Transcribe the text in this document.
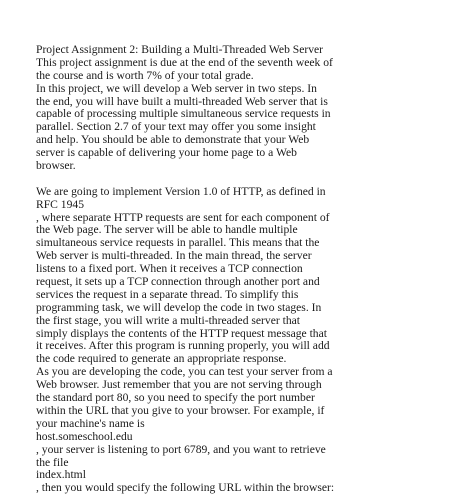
Project Assignment 2: Building a Multi-Threaded Web Server
This project assignment is due at the end of the seventh week of
the course and is worth 7% of your total grade.
In this project, we will develop a Web server in two steps. In
the end, you will have built a multi-threaded Web server that is
capable of processing multiple simultaneous service requests in
parallel. Section 2.7 of your text may offer you some insight
and help. You should be able to demonstrate that your Web
server is capable of delivering your home page to a Web
browser.
We are going to implement Version 1.0 of HTTP, as defined in
RFC 1945
, where separate HTTP requests are sent for each component of
the Web page. The server will be able to handle multiple
simultaneous service requests in parallel. This means that the
Web server is multi-threaded. In the main thread, the server
listens to a fixed port. When it receives a TCP connection
request, it sets up a TCP connection through another port and
services the request in a separate thread. To simplify this
programming task, we will develop the code in two stages. In
the first stage, you will write a multi-threaded server that
simply displays the contents of the HTTP request message that
it receives. After this program is running properly, you will add
the code required to generate an appropriate response.
As you are developing the code, you can test your server from a
Web browser. Just remember that you are not serving through
the standard port 80, so you need to specify the port number
within the URL that you give to your browser. For example, if
your machine's name is
host.someschool.edu
, your server is listening to port 6789, and you want to retrieve
the file
index.html
, then you would specify the following URL within the browser:
